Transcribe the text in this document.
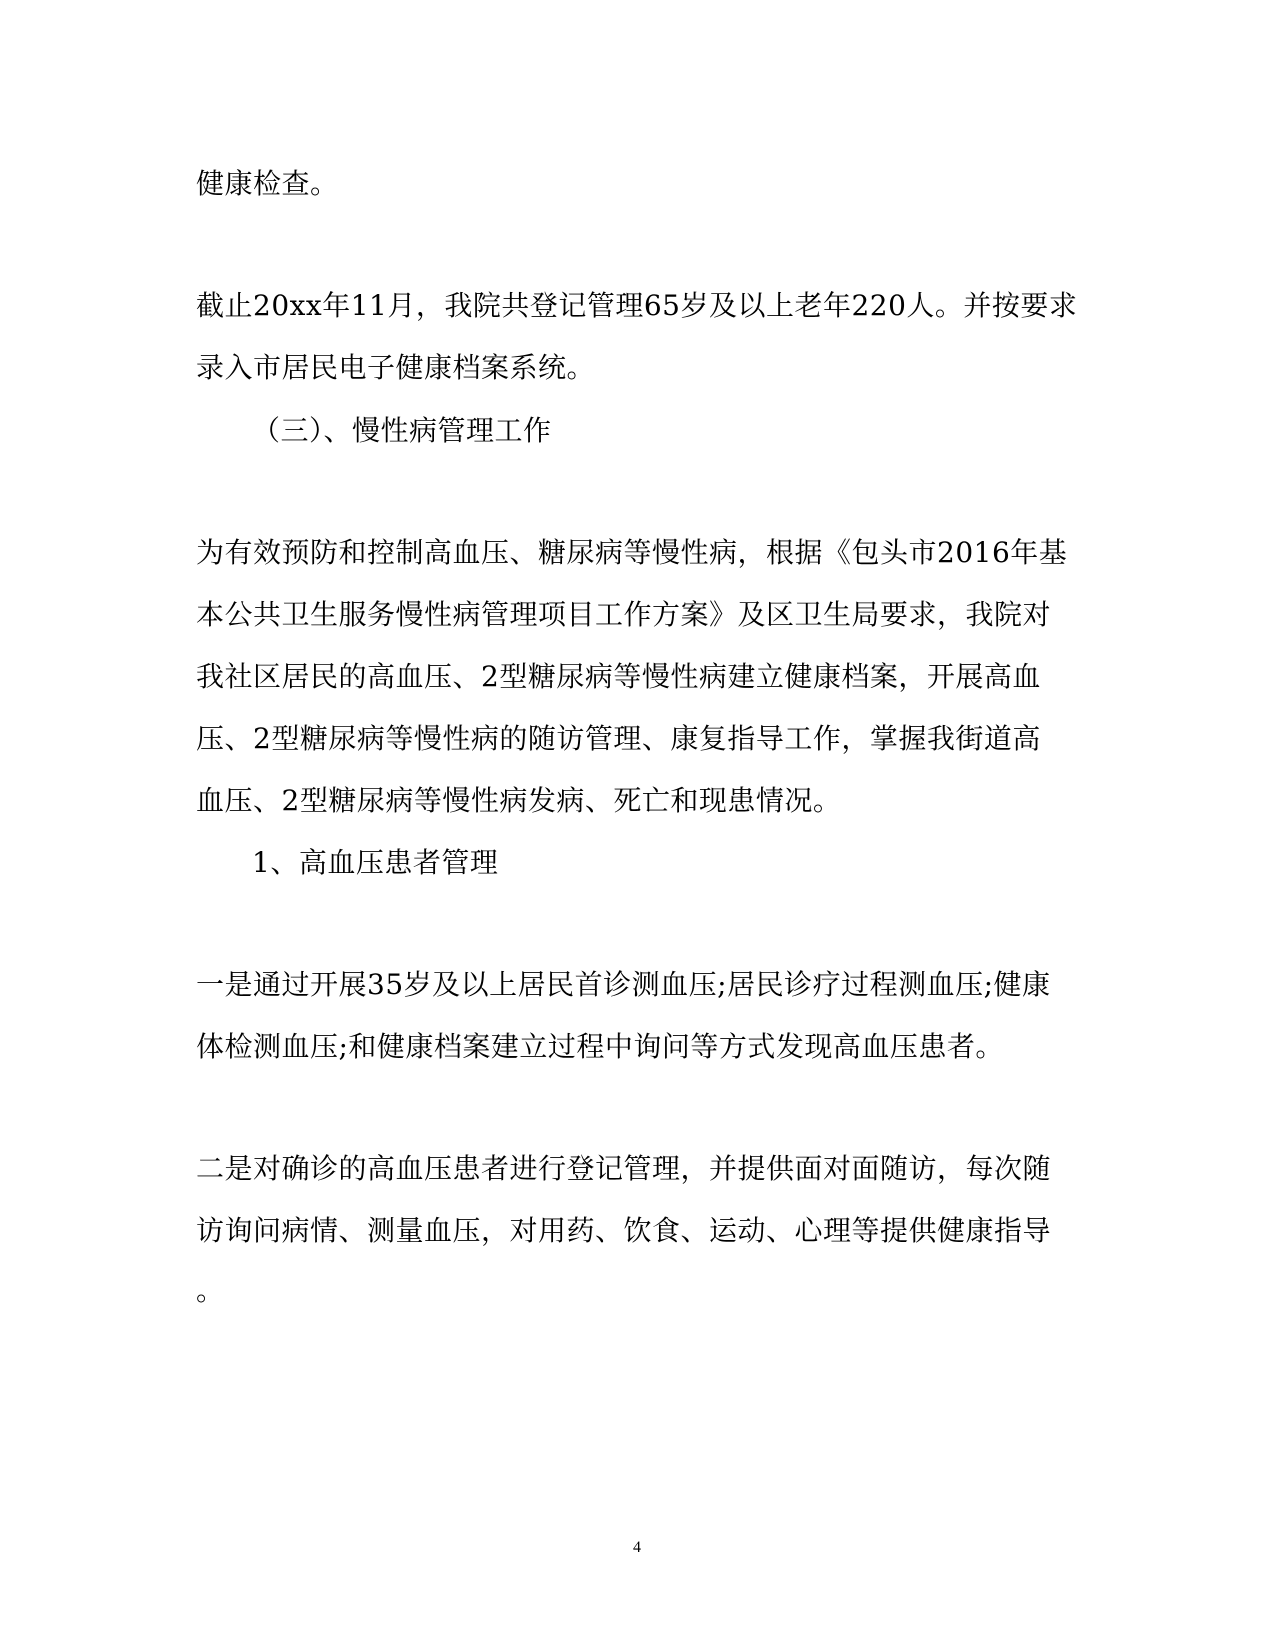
健康检查。
截止20xx年11月，我院共登记管理65岁及以上老年220人。并按要求
录入市居民电子健康档案系统。
（三）、慢性病管理工作
为有效预防和控制高血压、糖尿病等慢性病，根据《包头市2016年基
本公共卫生服务慢性病管理项目工作方案》及区卫生局要求，我院对
我社区居民的高血压、2型糖尿病等慢性病建立健康档案，开展高血
压、2型糖尿病等慢性病的随访管理、康复指导工作，掌握我街道高
血压、2型糖尿病等慢性病发病、死亡和现患情况。
1、高血压患者管理
一是通过开展35岁及以上居民首诊测血压;居民诊疗过程测血压;健康
体检测血压;和健康档案建立过程中询问等方式发现高血压患者。
二是对确诊的高血压患者进行登记管理，并提供面对面随访，每次随
访询问病情、测量血压，对用药、饮食、运动、心理等提供健康指导
。
4
